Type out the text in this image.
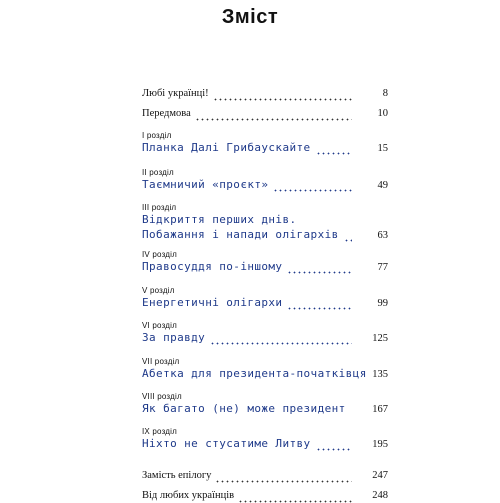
Зміст
Любі українці!	8
Передмова	10
I розділ
Планка Далі Грибаускайте	15
II розділ
Таємничий «проєкт»	49
III розділ
Відкриття перших днів.
Побажання і напади олігархів	63
IV розділ
Правосуддя по-іншому	77
V розділ
Енергетичні олігархи	99
VI розділ
За правду	125
VII розділ
Абетка для президента-початківця 135
VIII розділ
Як багато (не) може президент	167
IX розділ
Ніхто не стусатиме Литву	195
Замість епілогу	247
Від любих українців	248
